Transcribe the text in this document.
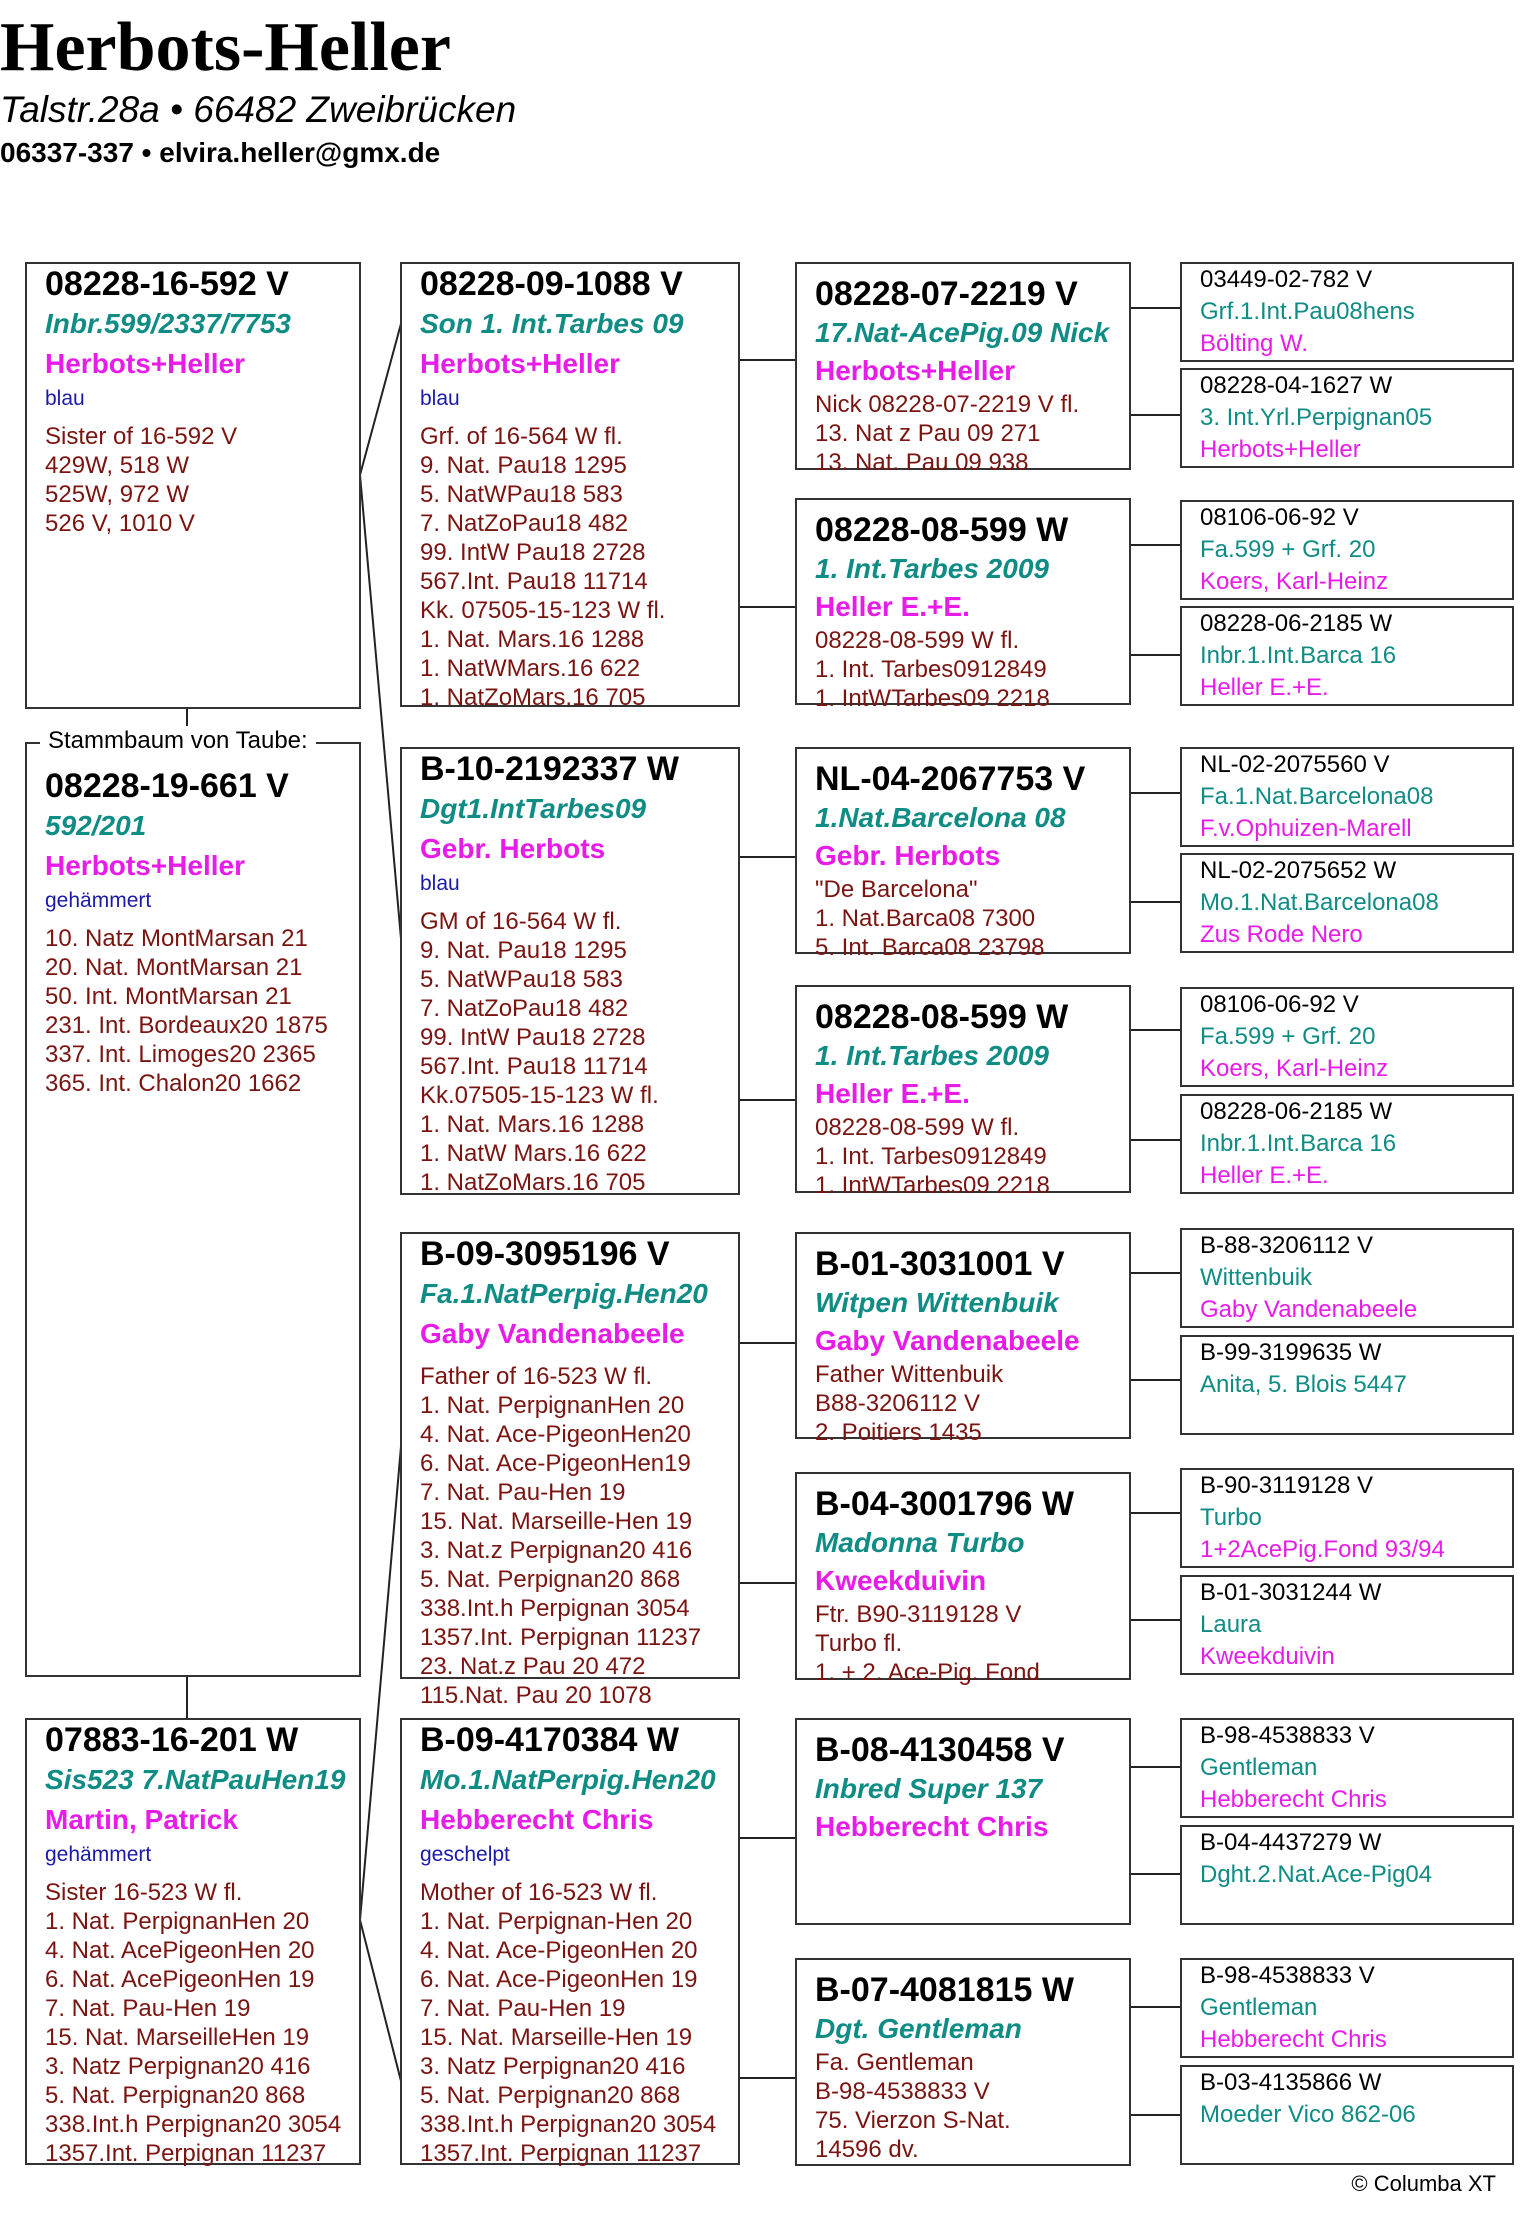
Herbots-Heller
Talstr.28a • 66482 Zweibrücken
06337-337 • elvira.heller@gmx.de
08228-16-592 V
Inbr.599/2337/7753
Herbots+Heller
blau
Sister of 16-592 V
429W, 518 W
525W, 972 W
526 V, 1010 V
08228-19-661 V
592/201
Herbots+Heller
gehämmert
10. Natz MontMarsan 21
20. Nat. MontMarsan 21
50. Int. MontMarsan 21
231. Int. Bordeaux20 1875
337. Int. Limoges20 2365
365. Int. Chalon20 1662
Stammbaum von Taube:
07883-16-201 W
Sis523 7.NatPauHen19
Martin, Patrick
gehämmert
Sister 16-523 W fl.
1. Nat. PerpignanHen 20
4. Nat. AcePigeonHen 20
6. Nat. AcePigeonHen 19
7. Nat. Pau-Hen 19
15. Nat. MarseilleHen 19
3. Natz Perpignan20 416
5. Nat. Perpignan20 868
338.Int.h Perpignan20 3054
1357.Int. Perpignan 11237
08228-09-1088 V
Son 1. Int.Tarbes 09
Herbots+Heller
blau
Grf. of 16-564 W fl.
9. Nat. Pau18 1295
5. NatWPau18 583
7. NatZoPau18 482
99. IntW Pau18 2728
567.Int. Pau18 11714
Kk. 07505-15-123 W fl.
1. Nat. Mars.16 1288
1. NatWMars.16 622
1. NatZoMars.16 705
B-10-2192337 W
Dgt1.IntTarbes09
Gebr. Herbots
blau
GM of 16-564 W fl.
9. Nat. Pau18 1295
5. NatWPau18 583
7. NatZoPau18 482
99. IntW Pau18 2728
567.Int. Pau18 11714
Kk.07505-15-123 W fl.
1. Nat. Mars.16 1288
1. NatW Mars.16 622
1. NatZoMars.16 705
B-09-3095196 V
Fa.1.NatPerpig.Hen20
Gaby Vandenabeele
Father of 16-523 W fl.
1. Nat. PerpignanHen 20
4. Nat. Ace-PigeonHen20
6. Nat. Ace-PigeonHen19
7. Nat. Pau-Hen 19
15. Nat. Marseille-Hen 19
3. Nat.z Perpignan20 416
5. Nat. Perpignan20 868
338.Int.h Perpignan 3054
1357.Int. Perpignan 11237
23. Nat.z Pau 20 472
115.Nat. Pau 20 1078
B-09-4170384 W
Mo.1.NatPerpig.Hen20
Hebberecht Chris
geschelpt
Mother of 16-523 W fl.
1. Nat. Perpignan-Hen 20
4. Nat. Ace-PigeonHen 20
6. Nat. Ace-PigeonHen 19
7. Nat. Pau-Hen 19
15. Nat. Marseille-Hen 19
3. Natz Perpignan20 416
5. Nat. Perpignan20 868
338.Int.h Perpignan20 3054
1357.Int. Perpignan 11237
08228-07-2219 V
17.Nat-AcePig.09 Nick
Herbots+Heller
Nick 08228-07-2219 V fl.
13. Nat z Pau 09 271
13. Nat. Pau 09 938
08228-08-599 W
1. Int.Tarbes 2009
Heller E.+E.
08228-08-599 W fl.
1. Int. Tarbes0912849
1. IntWTarbes09 2218
NL-04-2067753 V
1.Nat.Barcelona 08
Gebr. Herbots
"De Barcelona"
1. Nat.Barca08 7300
5. Int. Barca08 23798
08228-08-599 W
1. Int.Tarbes 2009
Heller E.+E.
08228-08-599 W fl.
1. Int. Tarbes0912849
1. IntWTarbes09 2218
B-01-3031001 V
Witpen Wittenbuik
Gaby Vandenabeele
Father Wittenbuik
B88-3206112 V
2. Poitiers 1435
B-04-3001796 W
Madonna Turbo
Kweekduivin
Ftr. B90-3119128 V
Turbo fl.
1. + 2. Ace-Pig. Fond
B-08-4130458 V
Inbred Super 137
Hebberecht Chris
B-07-4081815 W
Dgt. Gentleman
Fa. Gentleman
B-98-4538833 V
75. Vierzon S-Nat.
14596 dv.
03449-02-782 V
Grf.1.Int.Pau08hens
Bölting W.
08228-04-1627 W
3. Int.Yrl.Perpignan05
Herbots+Heller
08106-06-92 V
Fa.599 + Grf. 20
Koers, Karl-Heinz
08228-06-2185 W
Inbr.1.Int.Barca 16
Heller E.+E.
NL-02-2075560 V
Fa.1.Nat.Barcelona08
F.v.Ophuizen-Marell
NL-02-2075652 W
Mo.1.Nat.Barcelona08
Zus Rode Nero
08106-06-92 V
Fa.599 + Grf. 20
Koers, Karl-Heinz
08228-06-2185 W
Inbr.1.Int.Barca 16
Heller E.+E.
B-88-3206112 V
Wittenbuik
Gaby Vandenabeele
B-99-3199635 W
Anita, 5. Blois 5447
B-90-3119128 V
Turbo
1+2AcePig.Fond 93/94
B-01-3031244 W
Laura
Kweekduivin
B-98-4538833 V
Gentleman
Hebberecht Chris
B-04-4437279 W
Dght.2.Nat.Ace-Pig04
B-98-4538833 V
Gentleman
Hebberecht Chris
B-03-4135866 W
Moeder Vico 862-06
© Columba XT
